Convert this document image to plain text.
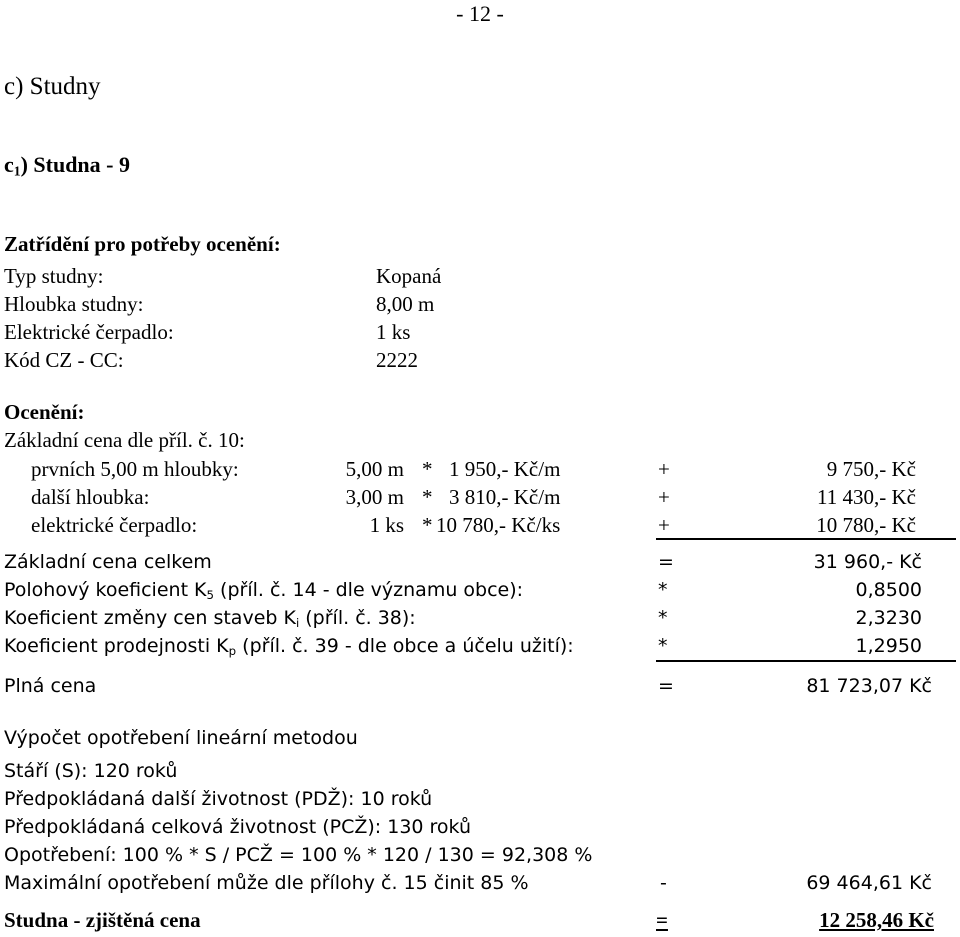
- 12 -
c) Studny
$c_1$) Studna - 9
Zatřídění pro potřeby ocenění:
Typ studny:	Kopaná
Hloubka studny:	8,00 m
Elektrické čerpadlo:	1 ks
Kód CZ - CC:	2222
Ocenění:
Základní cena dle příl. č. 10:
prvních 5,00 m hloubky:	5,00 m * 1 950,- Kč/m	+	9 750,- Kč
další hloubka:	3,00 m * 3 810,- Kč/m	+	11 430,- Kč
elektrické čerpadlo:	1 ks * 10 780,- Kč/ks	+	10 780,- Kč
Základní cena celkem	=	31 960,- Kč
Polohový koeficient $K_5$ (příl. č. 14 - dle významu obce):	*	0,8500
Koeficient změny cen staveb $K_i$ (příl. č. 38):	*	2,3230
Koeficient prodejnosti $K_p$ (příl. č. 39 - dle obce a účelu užití):	*	1,2950
Plná cena	=	81 723,07 Kč
Výpočet opotřebení lineární metodou
Stáří (S): 120 roků
Předpokládaná další životnost (PDŽ): 10 roků
Předpokládaná celková životnost (PCŽ): 130 roků
Opotřebení: 100 % * S / PCŽ = 100 % * 120 / 130 = 92,308 %
Maximální opotřebení může dle přílohy č. 15 činit 85 %	-	69 464,61 Kč
Studna - zjištěná cena	=	12 258,46 Kč
